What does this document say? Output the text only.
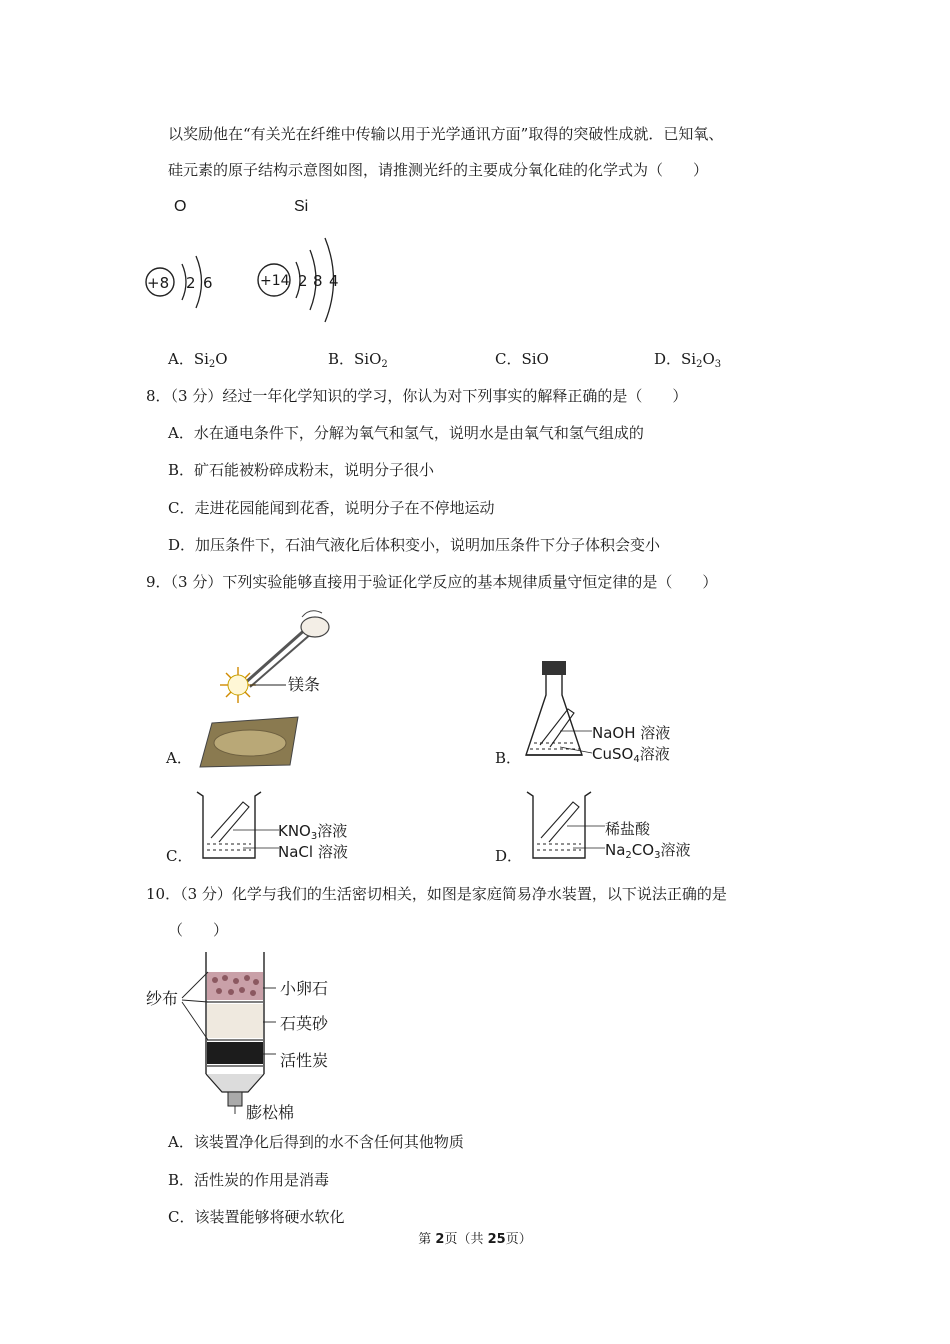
以奖励他在“有关光在纤维中传输以用于光学通讯方面”取得的突破性成就．已知氧、
硅元素的原子结构示意图如图，请推测光纤的主要成分氧化硅的化学式为（　　）
O
+8 2 6
Si
+14 2 8 4
A．$Si_2O$	B．SiO$_2$	C．SiO	D．$Si_2O_3$
8．（3 分）经过一年化学知识的学习，你认为对下列事实的解释正确的是（　　）
A．水在通电条件下，分解为氧气和氢气，说明水是由氧气和氢气组成的
B．矿石能被粉碎成粉末，说明分子很小
C．走进花园能闻到花香，说明分子在不停地运动
D．加压条件下，石油气液化后体积变小，说明加压条件下分子体积会变小
9．（3 分）下列实验能够直接用于验证化学反应的基本规律质量守恒定律的是（　　）
A．
镁条
B．
NaOH 溶液
CuSO$_4$溶液
C．
$KNO_3$溶液
NaCl 溶液	D．
稀盐酸
$Na_2CO_3$溶液
10．（3 分）化学与我们的生活密切相关，如图是家庭简易净水装置，以下说法正确的是
（　　）
纱布
小卵石
石英砂
活性炭
膨松棉
A．该装置净化后得到的水不含任何其他物质
B．活性炭的作用是消毒
C．该装置能够将硬水软化
第 2页（共 25页）
